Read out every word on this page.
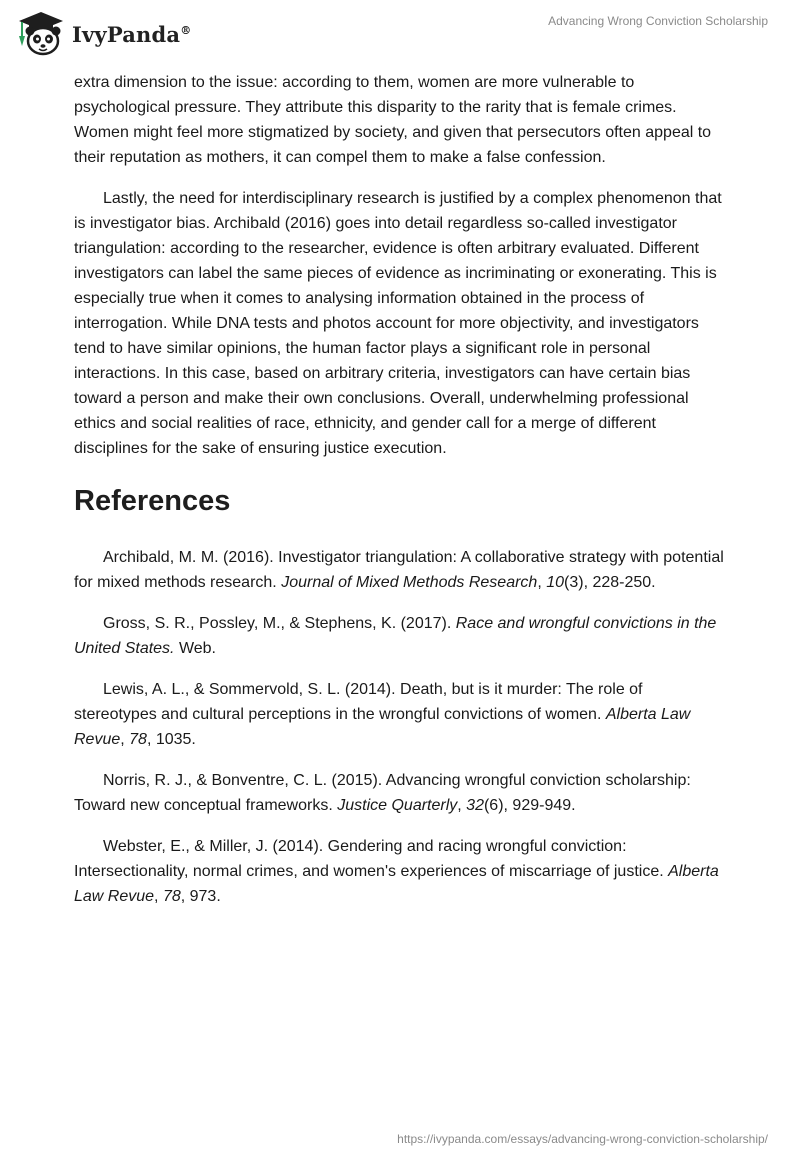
IvyPanda®
Advancing Wrong Conviction Scholarship

extra dimension to the issue: according to them, women are more vulnerable to psychological pressure. They attribute this disparity to the rarity that is female crimes. Women might feel more stigmatized by society, and given that persecutors often appeal to their reputation as mothers, it can compel them to make a false confession.

Lastly, the need for interdisciplinary research is justified by a complex phenomenon that is investigator bias. Archibald (2016) goes into detail regardless so-called investigator triangulation: according to the researcher, evidence is often arbitrary evaluated. Different investigators can label the same pieces of evidence as incriminating or exonerating. This is especially true when it comes to analysing information obtained in the process of interrogation. While DNA tests and photos account for more objectivity, and investigators tend to have similar opinions, the human factor plays a significant role in personal interactions. In this case, based on arbitrary criteria, investigators can have certain bias toward a person and make their own conclusions. Overall, underwhelming professional ethics and social realities of race, ethnicity, and gender call for a merge of different disciplines for the sake of ensuring justice execution.

References

Archibald, M. M. (2016). Investigator triangulation: A collaborative strategy with potential for mixed methods research. Journal of Mixed Methods Research, 10(3), 228-250.

Gross, S. R., Possley, M., & Stephens, K. (2017). Race and wrongful convictions in the United States. Web.

Lewis, A. L., & Sommervold, S. L. (2014). Death, but is it murder: The role of stereotypes and cultural perceptions in the wrongful convictions of women. Alberta Law Revue, 78, 1035.

Norris, R. J., & Bonventre, C. L. (2015). Advancing wrongful conviction scholarship: Toward new conceptual frameworks. Justice Quarterly, 32(6), 929-949.

Webster, E., & Miller, J. (2014). Gendering and racing wrongful conviction: Intersectionality, normal crimes, and women's experiences of miscarriage of justice. Alberta Law Revue, 78, 973.

https://ivypanda.com/essays/advancing-wrong-conviction-scholarship/
